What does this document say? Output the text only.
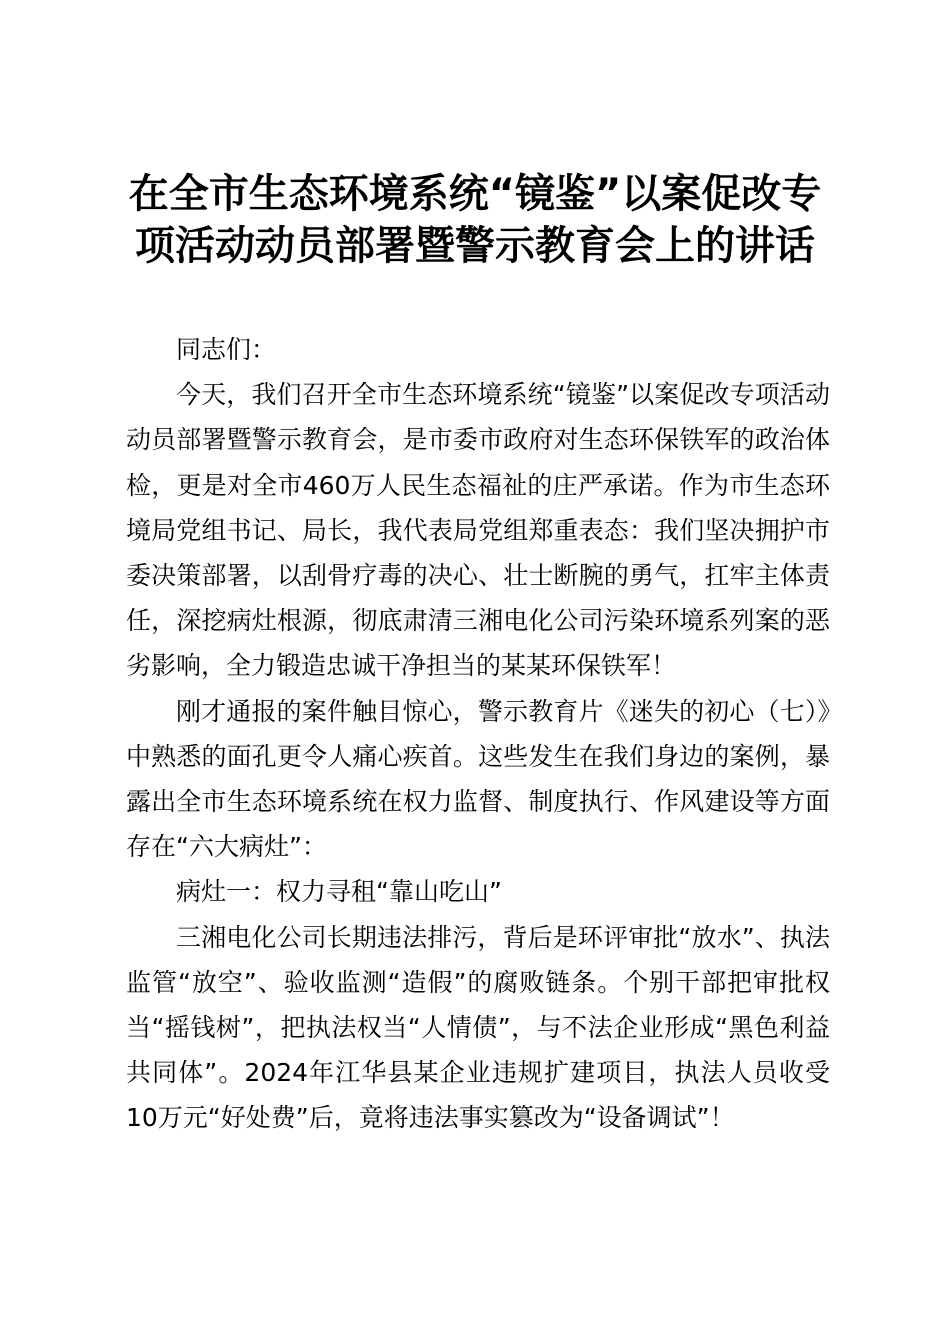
在全市生态环境系统“镜鉴”以案促改专项活动动员部署暨警示教育会上的讲话

同志们：

今天，我们召开全市生态环境系统“镜鉴”以案促改专项活动动员部署暨警示教育会，是市委市政府对生态环保铁军的政治体检，更是对全市460万人民生态福祉的庄严承诺。作为市生态环境局党组书记、局长，我代表局党组郑重表态：我们坚决拥护市委决策部署，以刮骨疗毒的决心、壮士断腕的勇气，扛牢主体责任，深挖病灶根源，彻底肃清三湘电化公司污染环境系列案的恶劣影响，全力锻造忠诚干净担当的某某环保铁军！

刚才通报的案件触目惊心，警示教育片《迷失的初心（七）》中熟悉的面孔更令人痛心疾首。这些发生在我们身边的案例，暴露出全市生态环境系统在权力监督、制度执行、作风建设等方面存在“六大病灶”：

病灶一：权力寻租“靠山吃山”

三湘电化公司长期违法排污，背后是环评审批“放水”、执法监管“放空”、验收监测“造假”的腐败链条。个别干部把审批权当“摇钱树”，把执法权当“人情债”，与不法企业形成“黑色利益共同体”。2024年江华县某企业违规扩建项目，执法人员收受10万元“好处费”后，竟将违法事实篡改为“设备调试”！
